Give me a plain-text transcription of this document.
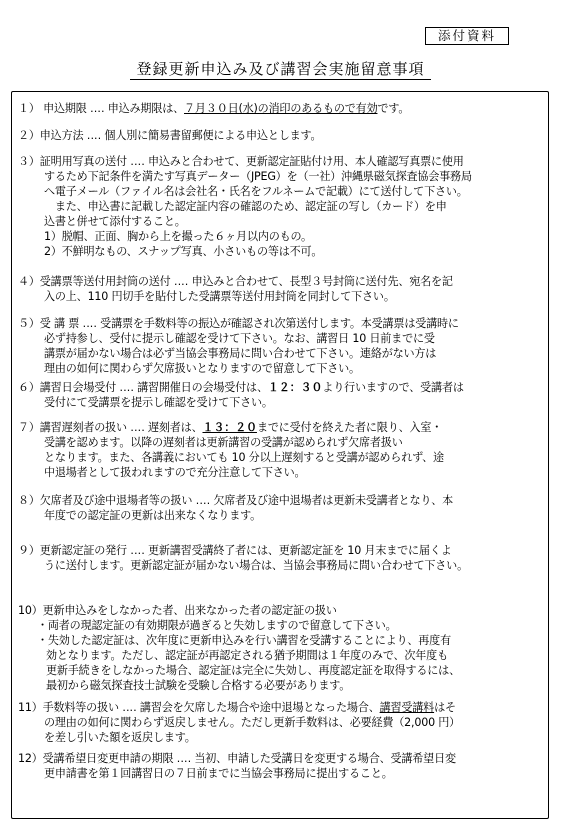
添付資料
登録更新申込み及び講習会実施留意事項
１） 申込期限 ‥‥ 申込み期限は、７月３０日(水)の消印のあるもので有効です。
２）申込方法 ‥‥ 個人別に簡易書留郵便による申込とします。
３）証明用写真の送付 ‥‥ 申込みと合わせて、更新認定証貼付け用、本人確認写真票に使用
するため下記条件を満たす写真データー（JPEG）を（一社）沖縄県磁気探査協会事務局
へ電子メール（ファイル名は会社名・氏名をフルネームで記載）にて送付して下さい。
　また、申込書に記載した認定証内容の確認のため、認定証の写し（カード）を申
込書と併せて添付すること。
1）脱帽、正面、胸から上を撮った６ヶ月以内のもの。
2）不鮮明なもの、スナップ写真、小さいもの等は不可。
４）受講票等送付用封筒の送付 ‥‥ 申込みと合わせて、長型３号封筒に送付先、宛名を記
入の上、110 円切手を貼付した受講票等送付用封筒を同封して下さい。
５）受 講 票 ‥‥ 受講票を手数料等の振込が確認され次第送付します。本受講票は受講時に
必ず持参し、受付に提示し確認を受けて下さい。なお、講習日 10 日前までに受
講票が届かない場合は必ず当協会事務局に問い合わせて下さい。連絡がない方は
理由の如何に関わらず欠席扱いとなりますので留意して下さい。
６）講習日会場受付 ‥‥ 講習開催日の会場受付は、１２：３０より行いますので、受講者は
受付にて受講票を提示し確認を受けて下さい。
７）講習遅刻者の扱い ‥‥ 遅刻者は、１３：２０までに受付を終えた者に限り、入室・
受講を認めます。以降の遅刻者は更新講習の受講が認められず欠席者扱い
となります。また、各講義においても 10 分以上遅刻すると受講が認められず、途
中退場者として扱われますので充分注意して下さい。
８）欠席者及び途中退場者等の扱い ‥‥ 欠席者及び途中退場者は更新未受講者となり、本
年度での認定証の更新は出来なくなります。
９）更新認定証の発行 ‥‥ 更新講習受講終了者には、更新認定証を 10 月末までに届くよ
うに送付します。更新認定証が届かない場合は、当協会事務局に問い合わせて下さい。
10）更新申込みをしなかった者、出来なかった者の認定証の扱い
・両者の現認定証の有効期限が過ぎると失効しますので留意して下さい。
・失効した認定証は、次年度に更新申込みを行い講習を受講することにより、再度有
効となります。ただし、認定証が再認定される猶予期間は１年度のみで、次年度も
更新手続きをしなかった場合、認定証は完全に失効し、再度認定証を取得するには、
最初から磁気探査技士試験を受験し合格する必要があります。
11）手数料等の扱い ‥‥ 講習会を欠席した場合や途中退場となった場合、講習受講料はそ
の理由の如何に関わらず返戻しません。ただし更新手数料は、必要経費（2,000 円）
を差し引いた額を返戻します。
12）受講希望日変更申請の期限 ‥‥ 当初、申請した受講日を変更する場合、受講希望日変
更申請書を第１回講習日の７日前までに当協会事務局に提出すること。
